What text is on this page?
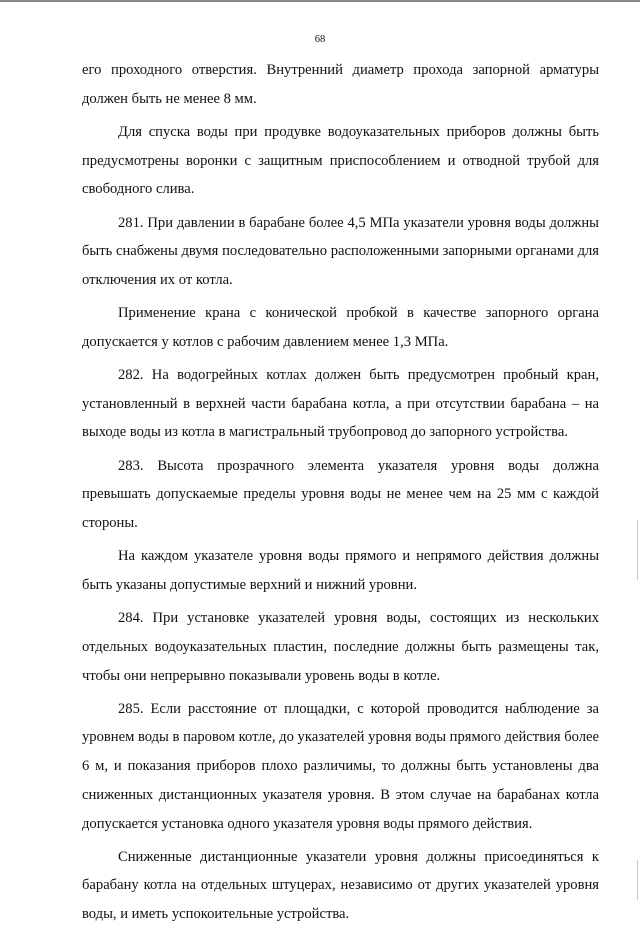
68

его проходного отверстия. Внутренний диаметр прохода запорной арматуры должен быть не менее 8 мм.

Для спуска воды при продувке водоуказательных приборов должны быть предусмотрены воронки с защитным приспособлением и отводной трубой для свободного слива.

281. При давлении в барабане более 4,5 МПа указатели уровня воды должны быть снабжены двумя последовательно расположенными запорными органами для отключения их от котла.

Применение крана с конической пробкой в качестве запорного органа допускается у котлов с рабочим давлением менее 1,3 МПа.

282. На водогрейных котлах должен быть предусмотрен пробный кран, установленный в верхней части барабана котла, а при отсутствии барабана – на выходе воды из котла в магистральный трубопровод до запорного устройства.

283. Высота прозрачного элемента указателя уровня воды должна превышать допускаемые пределы уровня воды не менее чем на 25 мм с каждой стороны.

На каждом указателе уровня воды прямого и непрямого действия должны быть указаны допустимые верхний и нижний уровни.

284. При установке указателей уровня воды, состоящих из нескольких отдельных водоуказательных пластин, последние должны быть размещены так, чтобы они непрерывно показывали уровень воды в котле.

285. Если расстояние от площадки, с которой проводится наблюдение за уровнем воды в паровом котле, до указателей уровня воды прямого действия более 6 м, и показания приборов плохо различимы, то должны быть установлены два сниженных дистанционных указателя уровня. В этом случае на барабанах котла допускается установка одного указателя уровня воды прямого действия.

Сниженные дистанционные указатели уровня должны присоединяться к барабану котла на отдельных штуцерах, независимо от других указателей уровня воды, и иметь успокоительные устройства.
